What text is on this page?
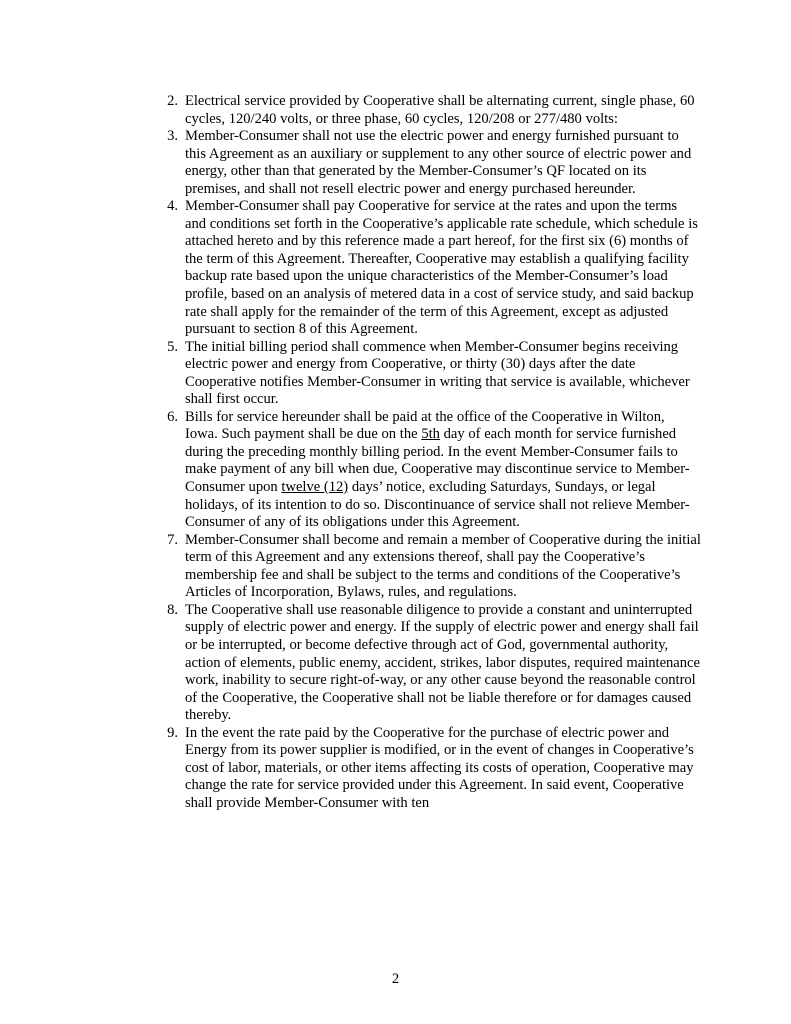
2. Electrical service provided by Cooperative shall be alternating current, single phase, 60 cycles, 120/240 volts, or three phase, 60 cycles, 120/208 or 277/480 volts:
3. Member-Consumer shall not use the electric power and energy furnished pursuant to this Agreement as an auxiliary or supplement to any other source of electric power and energy, other than that generated by the Member-Consumer’s QF located on its premises, and shall not resell electric power and energy purchased hereunder.
4. Member-Consumer shall pay Cooperative for service at the rates and upon the terms and conditions set forth in the Cooperative’s applicable rate schedule, which schedule is attached hereto and by this reference made a part hereof, for the first six (6) months of the term of this Agreement. Thereafter, Cooperative may establish a qualifying facility backup rate based upon the unique characteristics of the Member-Consumer’s load profile, based on an analysis of metered data in a cost of service study, and said backup rate shall apply for the remainder of the term of this Agreement, except as adjusted pursuant to section 8 of this Agreement.
5. The initial billing period shall commence when Member-Consumer begins receiving electric power and energy from Cooperative, or thirty (30) days after the date Cooperative notifies Member-Consumer in writing that service is available, whichever shall first occur.
6. Bills for service hereunder shall be paid at the office of the Cooperative in Wilton, Iowa. Such payment shall be due on the 5th day of each month for service furnished during the preceding monthly billing period. In the event Member-Consumer fails to make payment of any bill when due, Cooperative may discontinue service to Member-Consumer upon twelve (12) days’ notice, excluding Saturdays, Sundays, or legal holidays, of its intention to do so. Discontinuance of service shall not relieve Member-Consumer of any of its obligations under this Agreement.
7. Member-Consumer shall become and remain a member of Cooperative during the initial term of this Agreement and any extensions thereof, shall pay the Cooperative’s membership fee and shall be subject to the terms and conditions of the Cooperative’s Articles of Incorporation, Bylaws, rules, and regulations.
8. The Cooperative shall use reasonable diligence to provide a constant and uninterrupted supply of electric power and energy. If the supply of electric power and energy shall fail or be interrupted, or become defective through act of God, governmental authority, action of elements, public enemy, accident, strikes, labor disputes, required maintenance work, inability to secure right-of-way, or any other cause beyond the reasonable control of the Cooperative, the Cooperative shall not be liable therefore or for damages caused thereby.
9. In the event the rate paid by the Cooperative for the purchase of electric power and Energy from its power supplier is modified, or in the event of changes in Cooperative’s cost of labor, materials, or other items affecting its costs of operation, Cooperative may change the rate for service provided under this Agreement. In said event, Cooperative shall provide Member-Consumer with ten
2
